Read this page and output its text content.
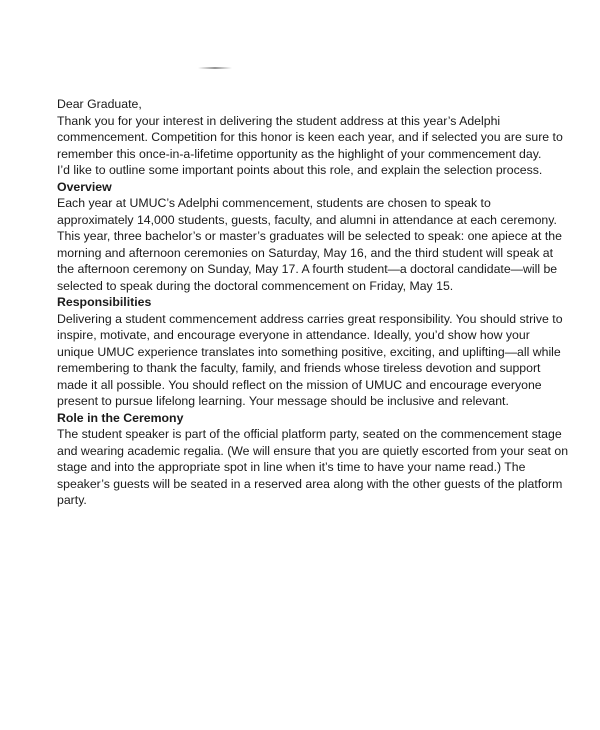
Dear Graduate,

Thank you for your interest in delivering the student address at this year’s Adelphi
commencement. Competition for this honor is keen each year, and if selected you are sure to
remember this once-in-a-lifetime opportunity as the highlight of your commencement day.

I’d like to outline some important points about this role, and explain the selection process.

Overview

Each year at UMUC’s Adelphi commencement, students are chosen to speak to
approximately 14,000 students, guests, faculty, and alumni in attendance at each ceremony.
This year, three bachelor’s or master’s graduates will be selected to speak: one apiece at the
morning and afternoon ceremonies on Saturday, May 16, and the third student will speak at
the afternoon ceremony on Sunday, May 17. A fourth student—a doctoral candidate—will be
selected to speak during the doctoral commencement on Friday, May 15.

Responsibilities

Delivering a student commencement address carries great responsibility. You should strive to
inspire, motivate, and encourage everyone in attendance. Ideally, you’d show how your
unique UMUC experience translates into something positive, exciting, and uplifting—all while
remembering to thank the faculty, family, and friends whose tireless devotion and support
made it all possible. You should reflect on the mission of UMUC and encourage everyone
present to pursue lifelong learning. Your message should be inclusive and relevant.

Role in the Ceremony

The student speaker is part of the official platform party, seated on the commencement stage
and wearing academic regalia. (We will ensure that you are quietly escorted from your seat on
stage and into the appropriate spot in line when it’s time to have your name read.) The
speaker’s guests will be seated in a reserved area along with the other guests of the platform
party.
